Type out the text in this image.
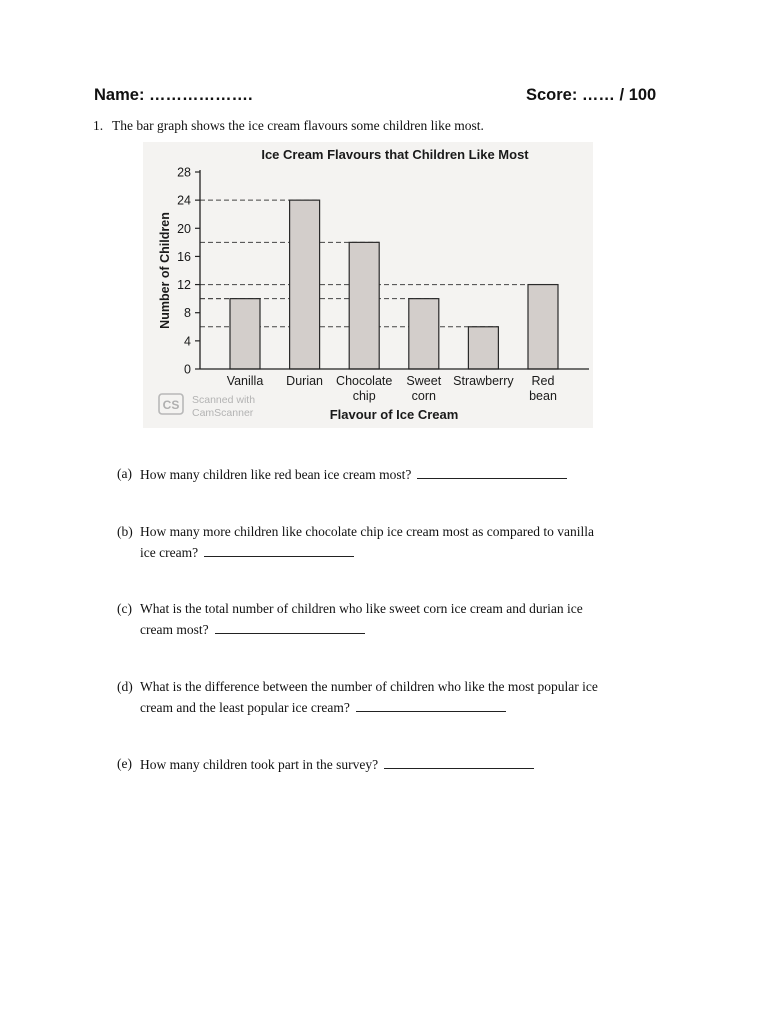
Name: ……………….	Score: …… / 100
1. The bar graph shows the ice cream flavours some children like most.
Ice Cream Flavours that Children Like Most
0
4
8
12
16
20
24
28
Number of Children
Vanilla Durian Chocolate
chip
Sweet
corn
Strawberry Red
bean
Flavour of Ice Cream
CS Scanned with
CamScanner
(a) How many children like red bean ice cream most?
(b) How many more children like chocolate chip ice cream most as compared to vanilla
ice cream?
(c) What is the total number of children who like sweet corn ice cream and durian ice
cream most?
(d) What is the difference between the number of children who like the most popular ice
cream and the least popular ice cream?
(e) How many children took part in the survey?
